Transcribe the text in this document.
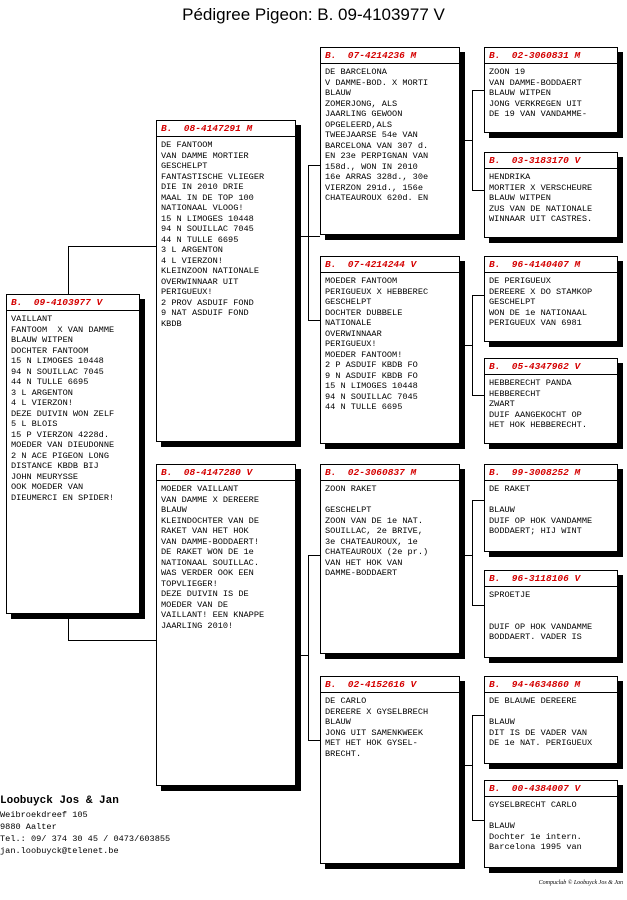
Pédigree Pigeon: B. 09-4103977 V
B.  09-4103977 V
VAILLANT
FANTOOM  X VAN DAMME
BLAUW WITPEN
DOCHTER FANTOOM
15 N LIMOGES 10448
94 N SOUILLAC 7045
44 N TULLE 6695
3 L ARGENTON
4 L VIERZON!
DEZE DUIVIN WON ZELF
5 L BLOIS
15 P VIERZON 4228d.
MOEDER VAN DIEUDONNE
2 N ACE PIGEON LONG
DISTANCE KBDB BIJ
JOHN MEURYSSE
OOK MOEDER VAN
DIEUMERCI EN SPIDER!
B.  08-4147291 M
DE FANTOOM
VAN DAMME MORTIER
GESCHELPT
FANTASTISCHE VLIEGER
DIE IN 2010 DRIE
MAAL IN DE TOP 100
NATIONAAL VLOOG!
15 N LIMOGES 10448
94 N SOUILLAC 7045
44 N TULLE 6695
3 L ARGENTON
4 L VIERZON!
KLEINZOON NATIONALE
OVERWINNAAR UIT
PERIGUEUX!
2 PROV ASDUIF FOND
9 NAT ASDUIF FOND
KBDB
B.  08-4147280 V
MOEDER VAILLANT
VAN DAMME X DEREERE
BLAUW
KLEINDOCHTER VAN DE
RAKET VAN HET HOK
VAN DAMME-BODDAERT!
DE RAKET WON DE 1e
NATIONAAL SOUILLAC.
WAS VERDER OOK EEN
TOPVLIEGER!
DEZE DUIVIN IS DE
MOEDER VAN DE
VAILLANT! EEN KNAPPE
JAARLING 2010!
B.  07-4214236 M
DE BARCELONA
V DAMME-BOD. X MORTI
BLAUW
ZOMERJONG, ALS
JAARLING GEWOON
OPGELEERD,ALS
TWEEJAARSE 54e VAN
BARCELONA VAN 307 d.
EN 23e PERPIGNAN VAN
158d., WON IN 2010
16e ARRAS 328d., 30e
VIERZON 291d., 156e
CHATEAUROUX 620d. EN
B.  07-4214244 V
MOEDER FANTOOM
PERIGUEUX X HEBBEREC
GESCHELPT
DOCHTER DUBBELE
NATIONALE
OVERWINNAAR
PERIGUEUX!
MOEDER FANTOOM!
2 P ASDUIF KBDB FO
9 N ASDUIF KBDB FO
15 N LIMOGES 10448
94 N SOUILLAC 7045
44 N TULLE 6695
B.  02-3060837 M
ZOON RAKET

GESCHELPT
ZOON VAN DE 1e NAT.
SOUILLAC, 2e BRIVE,
3e CHATEAUROUX, 1e
CHATEAUROUX (2e pr.)
VAN HET HOK VAN
DAMME-BODDAERT
B.  02-4152616 V
DE CARLO
DEREERE X GYSELBRECH
BLAUW
JONG UIT SAMENKWEEK
MET HET HOK GYSEL-
BRECHT.
B.  02-3060831 M
ZOON 19
VAN DAMME-BODDAERT
BLAUW WITPEN
JONG VERKREGEN UIT
DE 19 VAN VANDAMME-
B.  03-3183170 V
HENDRIKA
MORTIER X VERSCHEURE
BLAUW WITPEN
ZUS VAN DE NATIONALE
WINNAAR UIT CASTRES.
B.  96-4140407 M
DE PERIGUEUX
DEREERE X DO STAMKOP
GESCHELPT
WON DE 1e NATIONAAL
PERIGUEUX VAN 6981
B.  05-4347962 V
HEBBERECHT PANDA
HEBBERECHT
ZWART
DUIF AANGEKOCHT OP
HET HOK HEBBERECHT.
B.  99-3008252 M
DE RAKET

BLAUW
DUIF OP HOK VANDAMME
BODDAERT; HIJ WINT
B.  96-3118106 V
SPROETJE

DUIF OP HOK VANDAMME
BODDAERT. VADER IS
B.  94-4634860 M
DE BLAUWE DEREERE

BLAUW
DIT IS DE VADER VAN
DE 1e NAT. PERIGUEUX
B.  00-4384007 V
GYSELBRECHT CARLO

BLAUW
Dochter 1e intern.
Barcelona 1995 van
Loobuyck Jos & Jan
Weibroekdreef 105
9880 Aalter
Tel.: 09/ 374 30 45 / 0473/603855
jan.loobuyck@telenet.be
Compuclub © Loobuyck Jos & Jan
